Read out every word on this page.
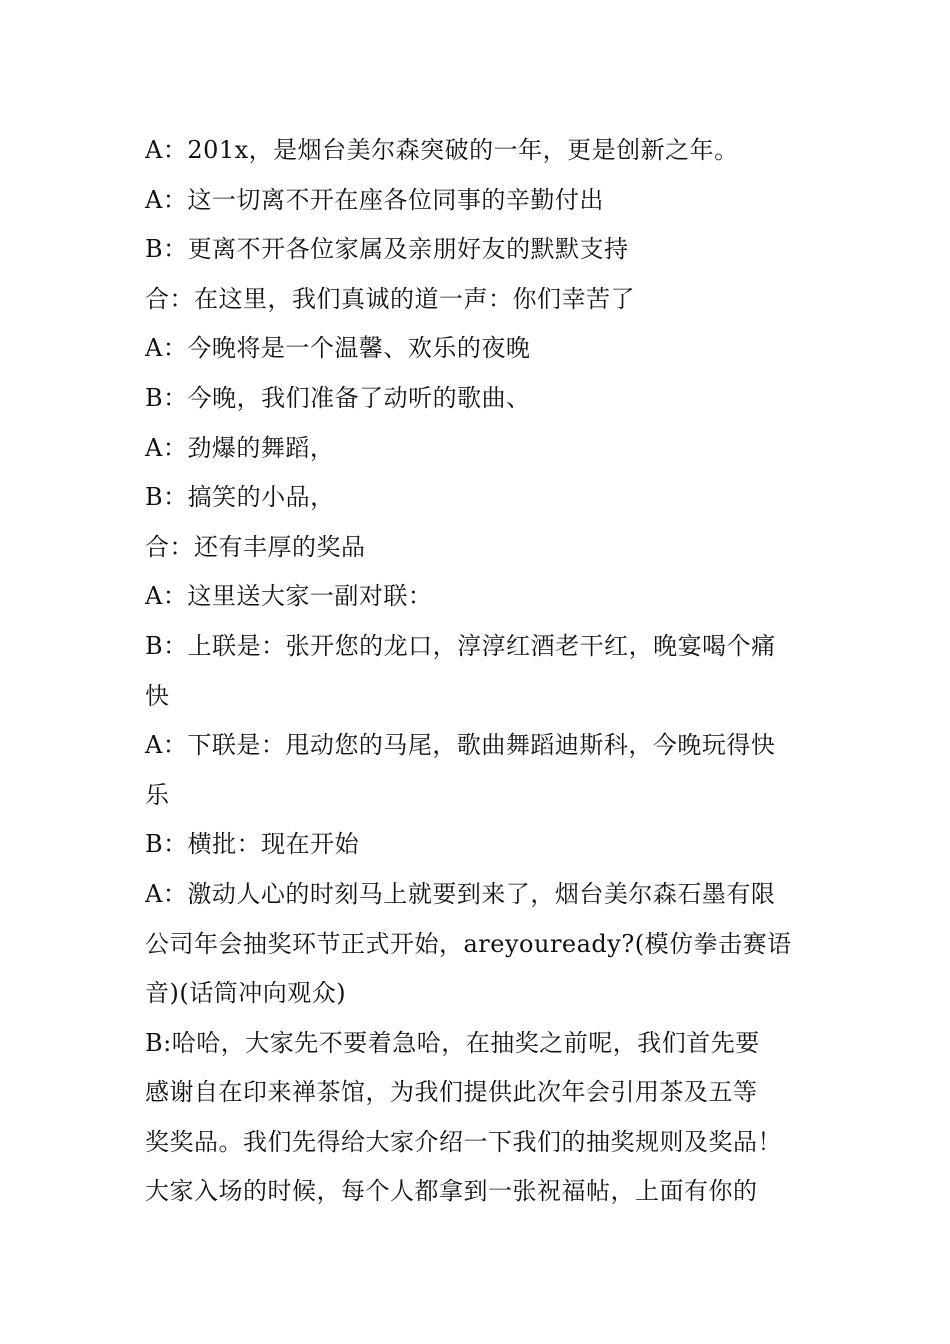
A：201x，是烟台美尔森突破的一年，更是创新之年。

A：这一切离不开在座各位同事的辛勤付出

B：更离不开各位家属及亲朋好友的默默支持

合：在这里，我们真诚的道一声：你们幸苦了

A：今晚将是一个温馨、欢乐的夜晚

B：今晚，我们准备了动听的歌曲、

A：劲爆的舞蹈，

B：搞笑的小品，

合：还有丰厚的奖品

A：这里送大家一副对联：

B：上联是：张开您的龙口，淳淳红酒老干红，晚宴喝个痛

快

A：下联是：甩动您的马尾，歌曲舞蹈迪斯科，今晚玩得快

乐

B：横批：现在开始

A：激动人心的时刻马上就要到来了，烟台美尔森石墨有限

公司年会抽奖环节正式开始，areyouready?(模仿拳击赛语

音)(话筒冲向观众)

B:哈哈，大家先不要着急哈，在抽奖之前呢，我们首先要

感谢自在印来禅茶馆，为我们提供此次年会引用茶及五等

奖奖品。我们先得给大家介绍一下我们的抽奖规则及奖品！

大家入场的时候，每个人都拿到一张祝福帖，上面有你的
